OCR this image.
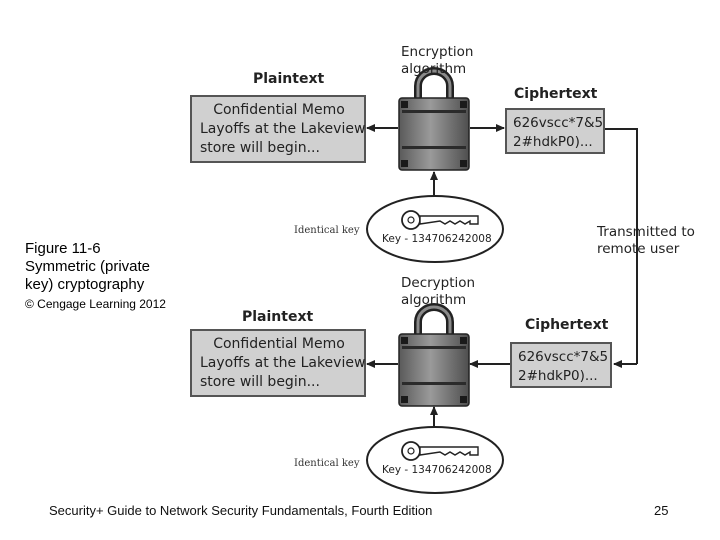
Figure 11-6
Symmetric (private
key) cryptography
© Cengage Learning 2012
Plaintext
Confidential Memo
Layoffs at the Lakeview
store will begin...
Encryption
algorithm
Ciphertext
626vscc*7&5
2#hdkP0)...
Identical key
Key - 134706242008	Transmitted to
remote user
Plaintext
Confidential Memo
Layoffs at the Lakeview
store will begin...
Decryption
algorithm
Ciphertext
626vscc*7&5
2#hdkP0)...
Identical key
Key - 134706242008
Security+ Guide to Network Security Fundamentals, Fourth Edition	25
